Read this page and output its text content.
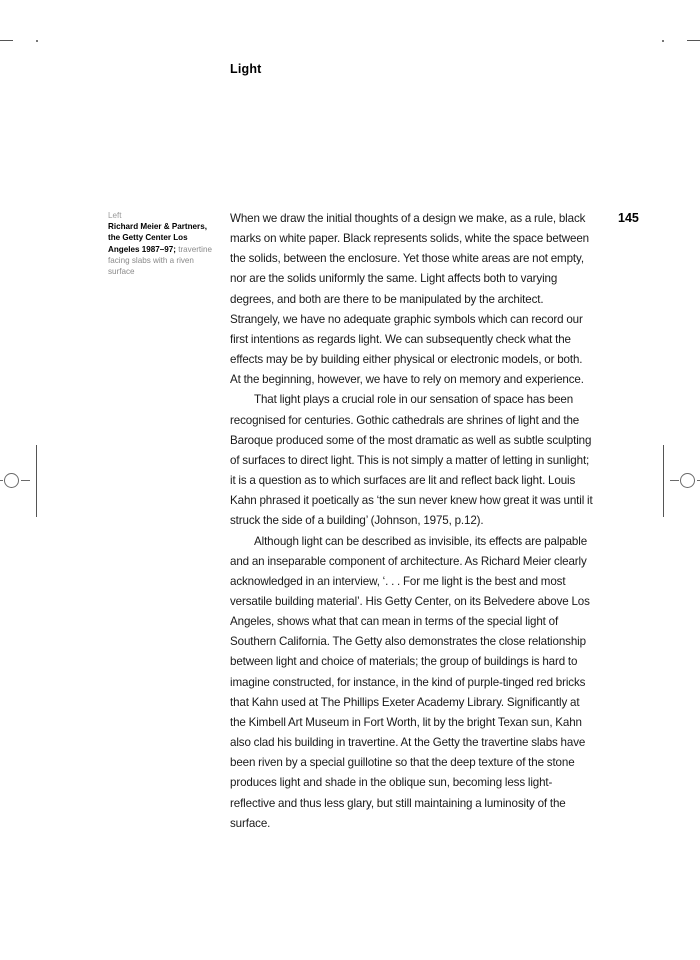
Light
145
Left
Richard Meier & Partners, the Getty Center Los Angeles 1987–97; travertine facing slabs with a riven surface

When we draw the initial thoughts of a design we make, as a rule, black marks on white paper. Black represents solids, white the space between the solids, between the enclosure. Yet those white areas are not empty, nor are the solids uniformly the same. Light affects both to varying degrees, and both are there to be manipulated by the architect. Strangely, we have no adequate graphic symbols which can record our first intentions as regards light. We can subsequently check what the effects may be by building either physical or electronic models, or both. At the beginning, however, we have to rely on memory and experience.

That light plays a crucial role in our sensation of space has been recognised for centuries. Gothic cathedrals are shrines of light and the Baroque produced some of the most dramatic as well as subtle sculpting of surfaces to direct light. This is not simply a matter of letting in sunlight; it is a question as to which surfaces are lit and reflect back light. Louis Kahn phrased it poetically as ‘the sun never knew how great it was until it struck the side of a building’ (Johnson, 1975, p.12).

Although light can be described as invisible, its effects are palpable and an inseparable component of architecture. As Richard Meier clearly acknowledged in an interview, ‘. . . For me light is the best and most versatile building material’. His Getty Center, on its Belvedere above Los Angeles, shows what that can mean in terms of the special light of Southern California. The Getty also demonstrates the close relationship between light and choice of materials; the group of buildings is hard to imagine constructed, for instance, in the kind of purple-tinged red bricks that Kahn used at The Phillips Exeter Academy Library. Significantly at the Kimbell Art Museum in Fort Worth, lit by the bright Texan sun, Kahn also clad his building in travertine. At the Getty the travertine slabs have been riven by a special guillotine so that the deep texture of the stone produces light and shade in the oblique sun, becoming less light-reflective and thus less glary, but still maintaining a luminosity of the surface.
